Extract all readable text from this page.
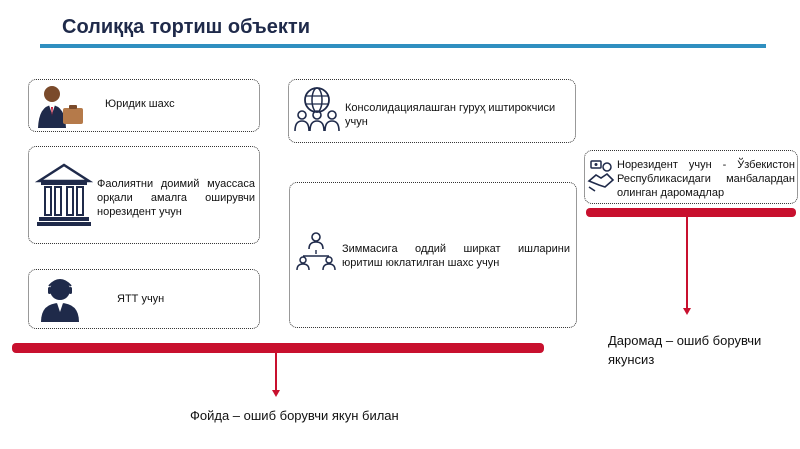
Солиққа тортиш объекти
Юридик шахс	Консолидациялашган гуруҳ иштирокчиси учун
Фаолиятни доимий муассаса
орқали амалга оширувчи
норезидент учун
Норезидент учун - Ўзбекистон
Республикасидаги манбалардан
олинган даромадлар
Зиммасига оддий ширкат ишларини
юритиш юклатилган шахс учун
ЯТТ учун
Фойда – ошиб борувчи якун билан
Даромад – ошиб борувчи
якунсиз
